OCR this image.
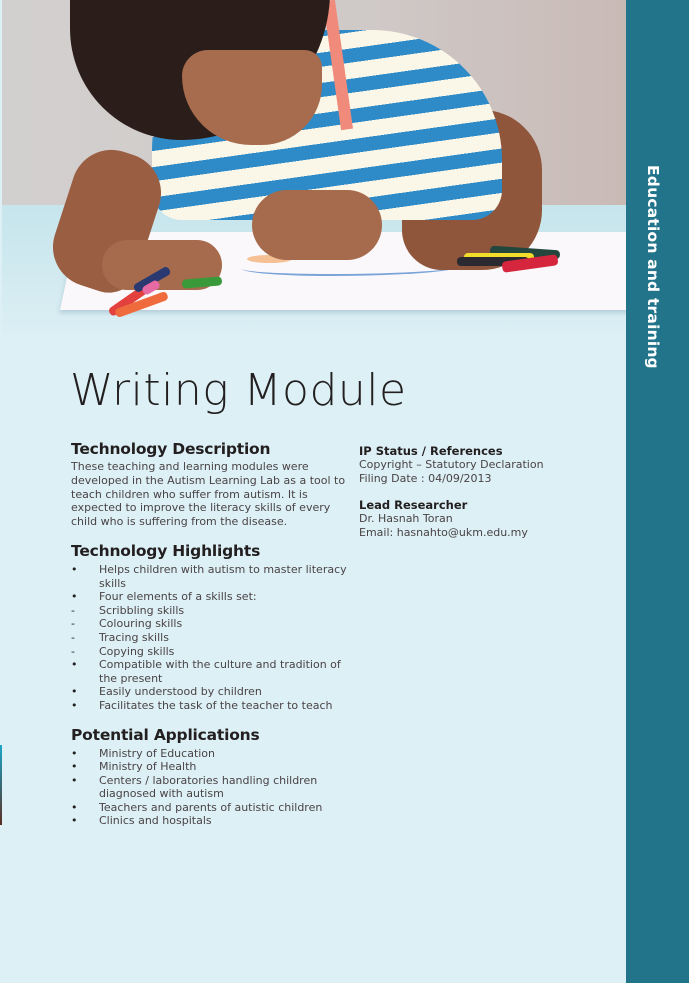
Writing Module
Technology Description

These teaching and learning modules were developed in the Autism Learning Lab as a tool to teach children who suffer from autism. It is expected to improve the literacy skills of every child who is suffering from the disease.

Technology Highlights
•	Helps children with autism to master literacy skills
•	Four elements of a skills set:
-	Scribbling skills
-	Colouring skills
-	Tracing skills
-	Copying skills
•	Compatible with the culture and tradition of the present
•	Easily understood by children
•	Facilitates the task of the teacher to teach
Potential Applications
•	Ministry of Education
•	Ministry of Health
•	Centers / laboratories handling children diagnosed with autism
•	Teachers and parents of autistic children
•	Clinics and hospitals
IP Status / References
Copyright – Statutory Declaration
Filing Date : 04/09/2013
Lead Researcher
Dr. Hasnah Toran
Email: hasnahto@ukm.edu.my
Education and training
